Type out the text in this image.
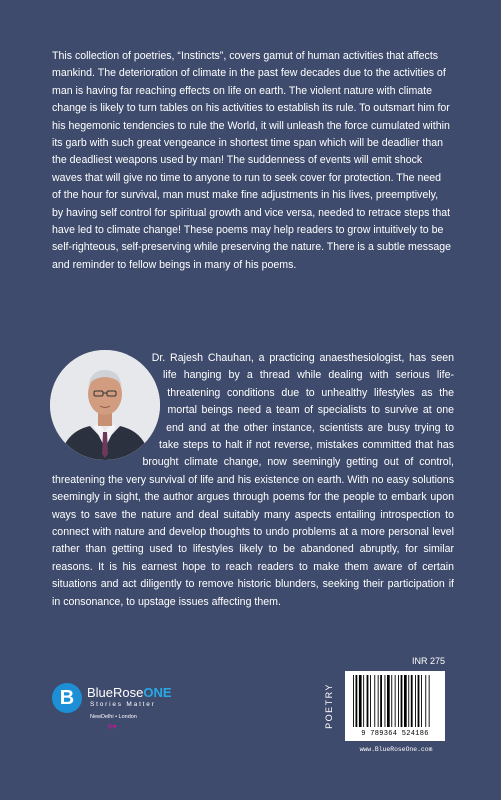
This collection of poetries, “Instincts”, covers gamut of human activities that affects mankind. The deterioration of climate in the past few decades due to the activities of man is having far reaching effects on life on earth. The violent nature with climate change is likely to turn tables on his activities to establish its rule. To outsmart him for his hegemonic tendencies to rule the World, it will unleash the force cumulated within its garb with such great vengeance in shortest time span which will be deadlier than the deadliest weapons used by man! The suddenness of events will emit shock waves that will give no time to anyone to run to seek cover for protection. The need of the hour for survival, man must make fine adjustments in his lives, preemptively, by having self control for spiritual growth and vice versa, needed to retrace steps that have led to climate change! These poems may help readers to grow intuitively to be self-righteous, self-preserving while preserving the nature. There is a subtle message and reminder to fellow beings in many of his poems.

Dr. Rajesh Chauhan, a practicing anaesthesiologist, has seen life hanging by a thread while dealing with serious life-threatening conditions due to unhealthy lifestyles as the mortal beings need a team of specialists to survive at one end and at the other instance, scientists are busy trying to take steps to halt if not reverse, mistakes committed that has brought climate change, now seemingly getting out of control, threatening the very survival of life and his existence on earth. With no easy solutions seemingly in sight, the author argues through poems for the people to embark upon ways to save the nature and deal suitably many aspects entailing introspection to connect with nature and develop thoughts to undo problems at a more personal level rather than getting used to lifestyles likely to be abandoned abruptly, for similar reasons. It is his earnest hope to reach readers to make them aware of certain situations and act diligently to remove historic blunders, seeking their participation if in consonance, to upstage issues affecting them.

B BlueRoseONE
Stories Matter
NewDelhi • London
f◎♥
INR 275
POETRY
9 789364 524186
www.BlueRoseOne.com
